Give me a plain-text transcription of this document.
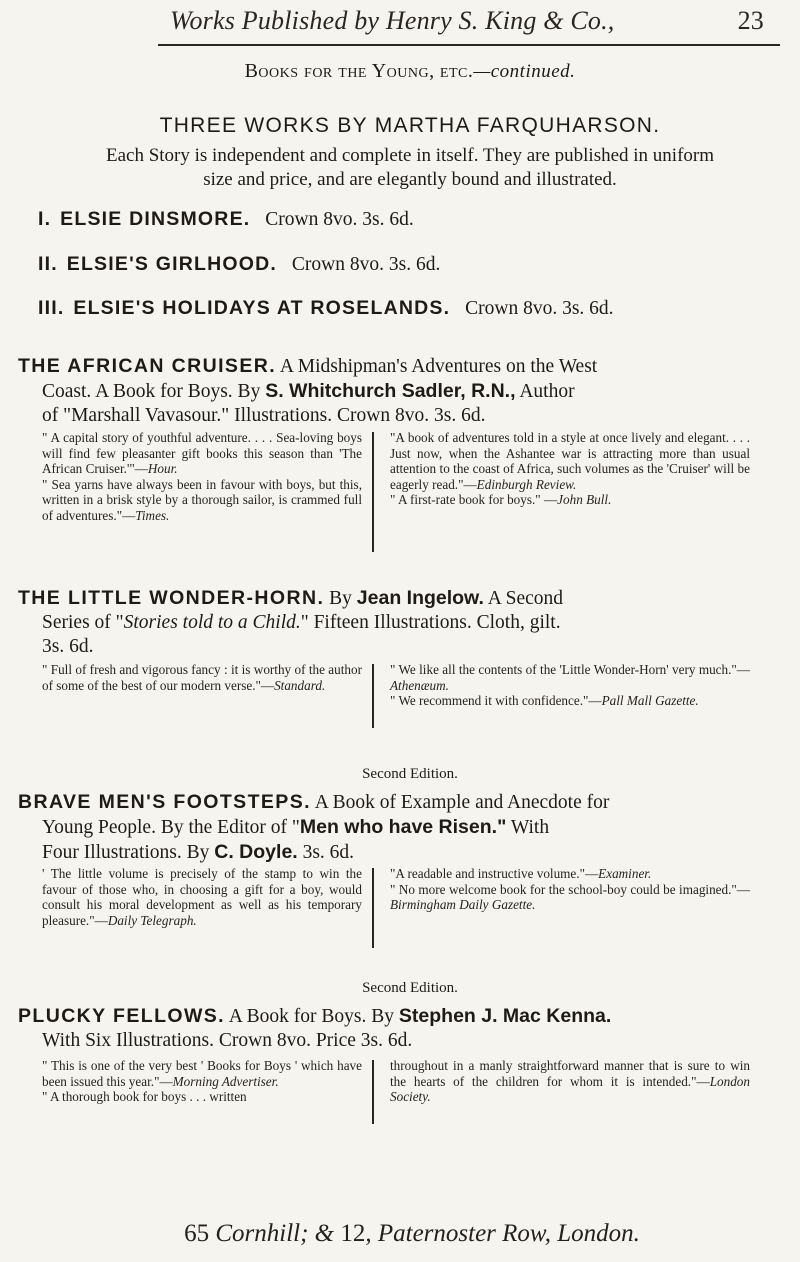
Works Published by Henry S. King & Co.,	23
Books for the Young, etc.—continued.
THREE WORKS BY MARTHA FARQUHARSON.
Each Story is independent and complete in itself. They are published in uniform
size and price, and are elegantly bound and illustrated.
I. ELSIE DINSMORE. Crown 8vo. 3s. 6d.
II. ELSIE'S GIRLHOOD. Crown 8vo. 3s. 6d.
III. ELSIE'S HOLIDAYS AT ROSELANDS. Crown 8vo. 3s. 6d.
THE AFRICAN CRUISER. A Midshipman's Adventures on the West
Coast. A Book for Boys. By S. Whitchurch Sadler, R.N., Author
of "Marshall Vavasour." Illustrations. Crown 8vo. 3s. 6d.
" A capital story of youthful adventure. . . . Sea-loving boys will find few pleasanter gift books this season than 'The African Cruiser.'"—Hour.
" Sea yarns have always been in favour with boys, but this, written in a brisk style by a thorough sailor, is crammed full of adventures."—Times.
"A book of adventures told in a style at once lively and elegant. . . . Just now, when the Ashantee war is attracting more than usual attention to the coast of Africa, such volumes as the 'Cruiser' will be eagerly read."—Edinburgh Review.
" A first-rate book for boys." —John Bull.
THE LITTLE WONDER-HORN. By Jean Ingelow. A Second
Series of "Stories told to a Child." Fifteen Illustrations. Cloth, gilt.
3s. 6d.
" Full of fresh and vigorous fancy : it is worthy of the author of some of the best of our modern verse."—Standard.
" We like all the contents of the 'Little Wonder-Horn' very much."—Athenæum.
" We recommend it with confidence."—Pall Mall Gazette.
Second Edition.
BRAVE MEN'S FOOTSTEPS. A Book of Example and Anecdote for
Young People. By the Editor of "Men who have Risen." With
Four Illustrations. By C. Doyle. 3s. 6d.
' The little volume is precisely of the stamp to win the favour of those who, in choosing a gift for a boy, would consult his moral development as well as his temporary pleasure."—Daily Telegraph.
"A readable and instructive volume."—Examiner.
" No more welcome book for the school-boy could be imagined."—Birmingham Daily Gazette.
Second Edition.
PLUCKY FELLOWS. A Book for Boys. By Stephen J. Mac Kenna.
With Six Illustrations. Crown 8vo. Price 3s. 6d.
" This is one of the very best ' Books for Boys ' which have been issued this year."—Morning Advertiser.
" A thorough book for boys . . . written
throughout in a manly straightforward manner that is sure to win the hearts of the children for whom it is intended."—London Society.
65 Cornhill; & 12, Paternoster Row, London.
